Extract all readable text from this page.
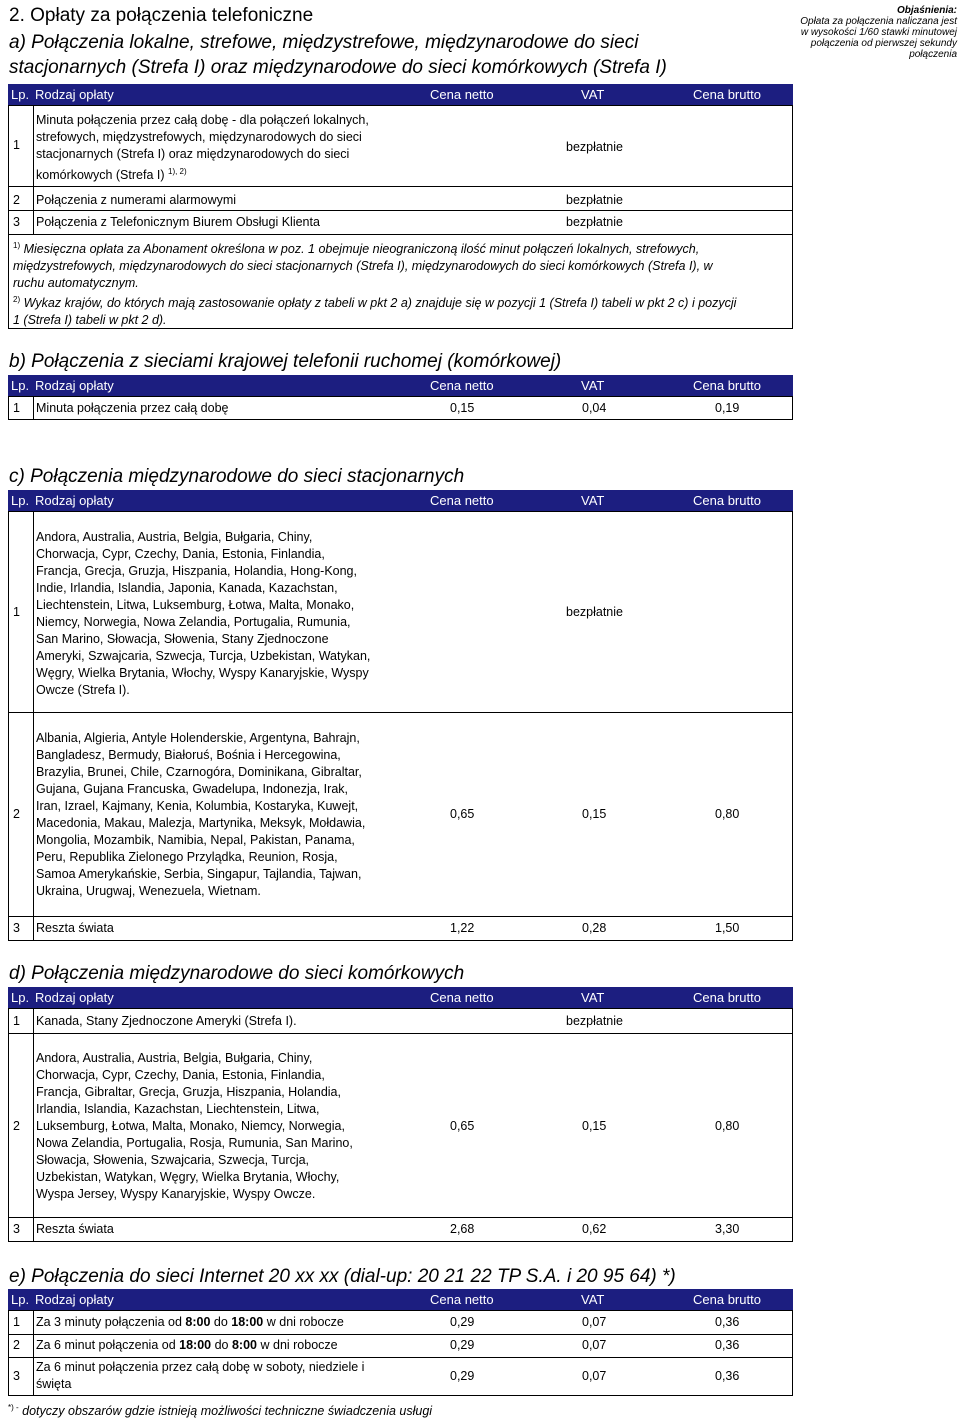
2. Opłaty za połączenia telefoniczne	Objaśnienia:
Opłata za połączenia naliczana jest
w wysokości 1/60 stawki minutowej
połączenia od pierwszej sekundy
połączenia
a) Połączenia lokalne, strefowe, międzystrefowe, międzynarodowe do sieci
stacjonarnych (Strefa I) oraz międzynarodowe do sieci komórkowych (Strefa I)
Lp. Rodzaj opłaty	Cena netto	VAT	Cena brutto
1
Minuta połączenia przez całą dobę - dla połączeń lokalnych,
strefowych, międzystrefowych, międzynarodowych do sieci
stacjonarnych (Strefa I) oraz międzynarodowych do sieci
komórkowych (Strefa I) $^{1), 2)}$
bezpłatnie
2 Połączenia z numerami alarmowymi	bezpłatnie
3 Połączenia z Telefonicznym Biurem Obsługi Klienta	bezpłatnie
$^{1)}$ Miesięczna opłata za Abonament określona w poz. 1 obejmuje nieograniczoną ilość minut połączeń lokalnych, strefowych,
międzystrefowych, międzynarodowych do sieci stacjonarnych (Strefa I), międzynarodowych do sieci komórkowych (Strefa I), w
ruchu automatycznym.
$^{2)}$ Wykaz krajów, do których mają zastosowanie opłaty z tabeli w pkt 2 a) znajduje się w pozycji 1 (Strefa I) tabeli w pkt 2 c) i pozycji
1 (Strefa I) tabeli w pkt 2 d).
b) Połączenia z sieciami krajowej telefonii ruchomej (komórkowej)
Lp. Rodzaj opłaty	Cena netto	VAT	Cena brutto
1 Minuta połączenia przez całą dobę	0,15	0,04	0,19
c) Połączenia międzynarodowe do sieci stacjonarnych
Lp. Rodzaj opłaty	Cena netto	VAT	Cena brutto
1
Andora, Australia, Austria, Belgia, Bułgaria, Chiny,
Chorwacja, Cypr, Czechy, Dania, Estonia, Finlandia,
Francja, Grecja, Gruzja, Hiszpania, Holandia, Hong-Kong,
Indie, Irlandia, Islandia, Japonia, Kanada, Kazachstan,
Liechtenstein, Litwa, Luksemburg, Łotwa, Malta, Monako,
Niemcy, Norwegia, Nowa Zelandia, Portugalia, Rumunia,
San Marino, Słowacja, Słowenia, Stany Zjednoczone
Ameryki, Szwajcaria, Szwecja, Turcja, Uzbekistan, Watykan,
Węgry, Wielka Brytania, Włochy, Wyspy Kanaryjskie, Wyspy
Owcze (Strefa I).
bezpłatnie
2
Albania, Algieria, Antyle Holenderskie, Argentyna, Bahrajn,
Bangladesz, Bermudy, Białoruś, Bośnia i Hercegowina,
Brazylia, Brunei, Chile, Czarnogóra, Dominikana, Gibraltar,
Gujana, Gujana Francuska, Gwadelupa, Indonezja, Irak,
Iran, Izrael, Kajmany, Kenia, Kolumbia, Kostaryka, Kuwejt,
Macedonia, Makau, Malezja, Martynika, Meksyk, Mołdawia,
Mongolia, Mozambik, Namibia, Nepal, Pakistan, Panama,
Peru, Republika Zielonego Przylądka, Reunion, Rosja,
Samoa Amerykańskie, Serbia, Singapur, Tajlandia, Tajwan,
Ukraina, Urugwaj, Wenezuela, Wietnam.
0,65	0,15	0,80
3 Reszta świata	1,22	0,28	1,50
d) Połączenia międzynarodowe do sieci komórkowych
Lp. Rodzaj opłaty	Cena netto	VAT	Cena brutto
1 Kanada, Stany Zjednoczone Ameryki (Strefa I).	bezpłatnie
2
Andora, Australia, Austria, Belgia, Bułgaria, Chiny,
Chorwacja, Cypr, Czechy, Dania, Estonia, Finlandia,
Francja, Gibraltar, Grecja, Gruzja, Hiszpania, Holandia,
Irlandia, Islandia, Kazachstan, Liechtenstein, Litwa,
Luksemburg, Łotwa, Malta, Monako, Niemcy, Norwegia,
Nowa Zelandia, Portugalia, Rosja, Rumunia, San Marino,
Słowacja, Słowenia, Szwajcaria, Szwecja, Turcja,
Uzbekistan, Watykan, Węgry, Wielka Brytania, Włochy,
Wyspa Jersey, Wyspy Kanaryjskie, Wyspy Owcze.
0,65	0,15	0,80
3 Reszta świata	2,68	0,62	3,30
e) Połączenia do sieci Internet 20 xx xx (dial-up: 20 21 22 TP S.A. i 20 95 64) *)
Lp. Rodzaj opłaty	Cena netto	VAT	Cena brutto
1 Za 3 minuty połączenia od 8:00 do 18:00 w dni robocze	0,29	0,07	0,36
2 Za 6 minut połączenia od 18:00 do 8:00 w dni robocze	0,29	0,07	0,36
3
Za 6 minut połączenia przez całą dobę w soboty, niedziele i
święta
0,29	0,07	0,36
*) - dotyczy obszarów gdzie istnieją możliwości techniczne świadczenia usługi
